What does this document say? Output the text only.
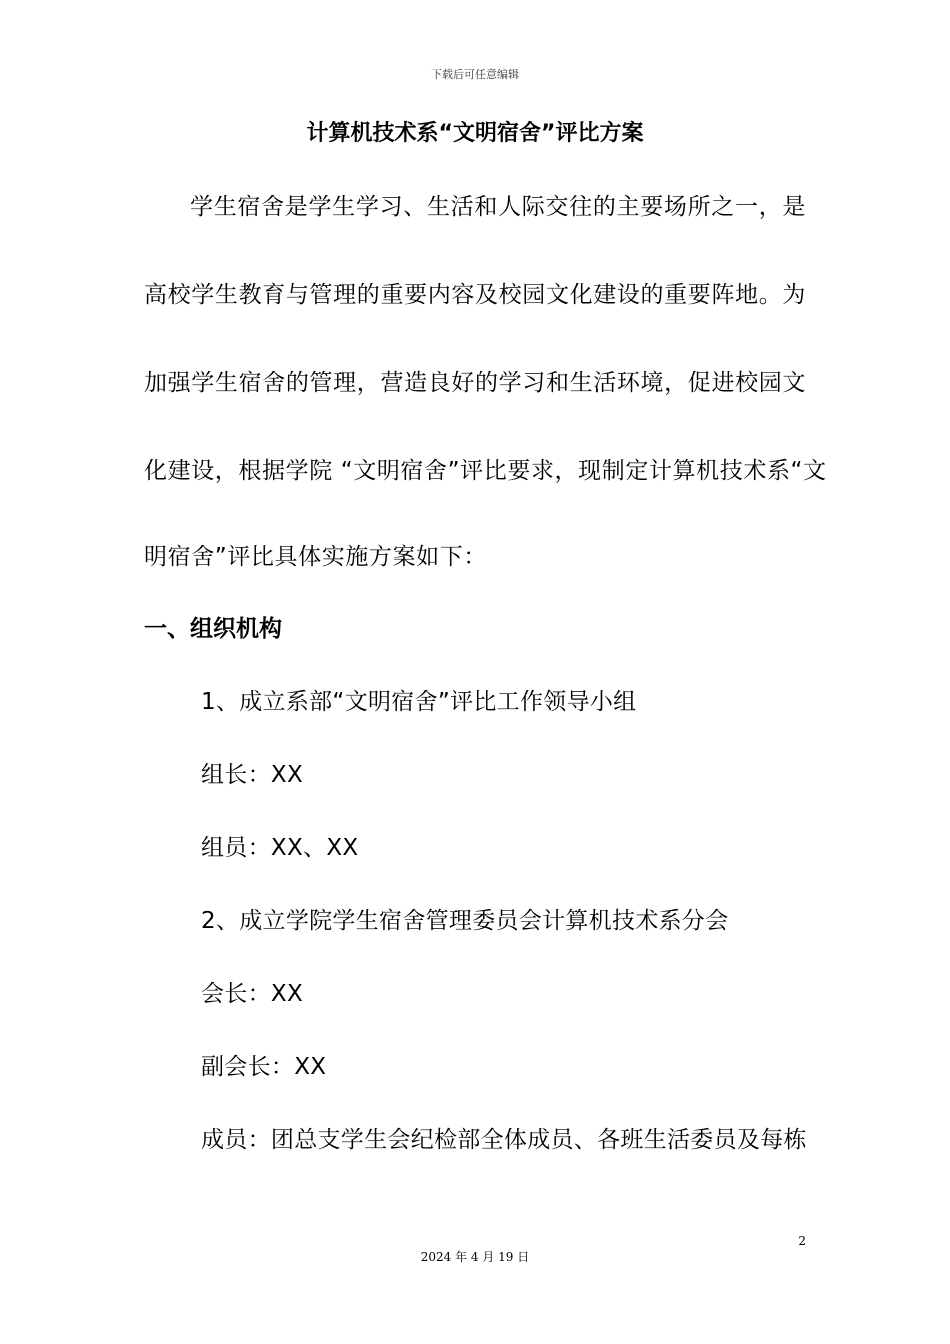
下载后可任意编辑
计算机技术系“文明宿舍”评比方案
学生宿舍是学生学习、生活和人际交往的主要场所之一，是
高校学生教育与管理的重要内容及校园文化建设的重要阵地。为
加强学生宿舍的管理，营造良好的学习和生活环境，促进校园文
化建设，根据学院 “文明宿舍”评比要求，现制定计算机技术系“文
明宿舍”评比具体实施方案如下：
一、组织机构
1、成立系部“文明宿舍”评比工作领导小组
组长：XX
组员：XX、XX
2、成立学院学生宿舍管理委员会计算机技术系分会
会长：XX
副会长：XX
成员：团总支学生会纪检部全体成员、各班生活委员及每栋
2
2024 年 4 月 19 日
